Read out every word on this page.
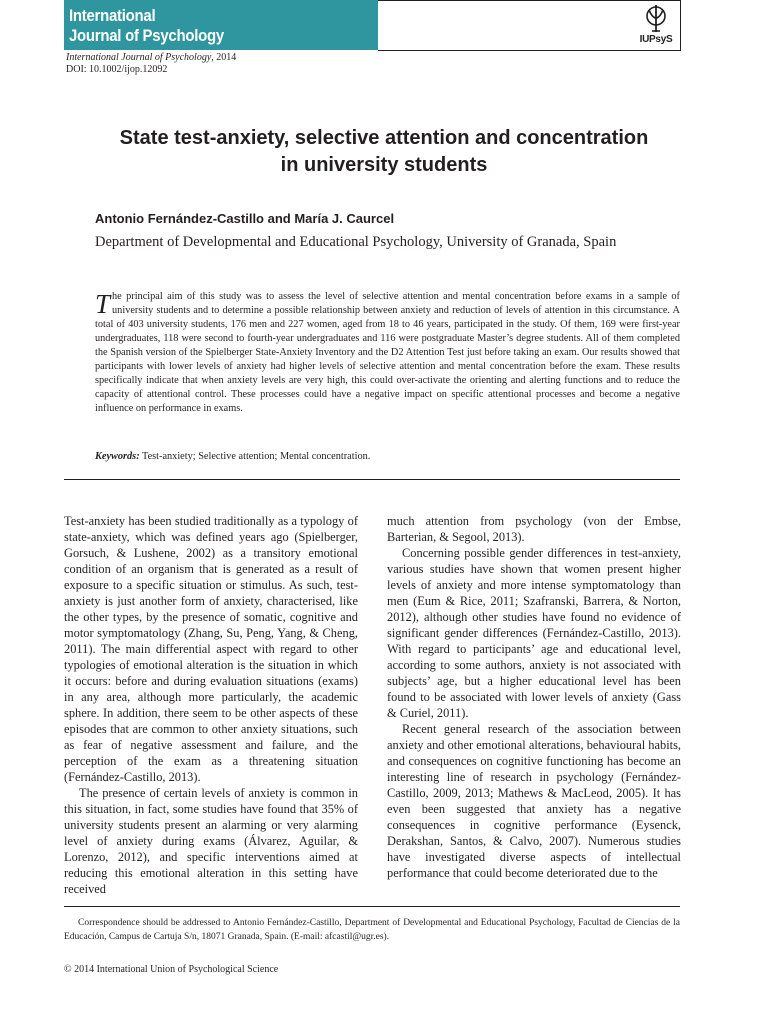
International
Journal of Psychology	IUPsyS
International Journal of Psychology, 2014
DOI: 10.1002/ijop.12092
State test-anxiety, selective attention and concentration
in university students
Antonio Fernández-Castillo and María J. Caurcel
Department of Developmental and Educational Psychology, University of Granada, Spain
The principal aim of this study was to assess the level of selective attention and mental concentration before exams in a sample of university students and to determine a possible relationship between anxiety and reduction of levels of attention in this circumstance. A total of 403 university students, 176 men and 227 women, aged from 18 to 46 years, participated in the study. Of them, 169 were first-year undergraduates, 118 were second to fourth-year undergraduates and 116 were postgraduate Master’s degree students. All of them completed the Spanish version of the Spielberger State-Anxiety Inventory and the D2 Attention Test just before taking an exam. Our results showed that participants with lower levels of anxiety had higher levels of selective attention and mental concentration before the exam. These results specifically indicate that when anxiety levels are very high, this could over-activate the orienting and alerting functions and to reduce the capacity of attentional control. These processes could have a negative impact on specific attentional processes and become a negative influence on performance in exams.
Keywords: Test-anxiety; Selective attention; Mental concentration.

Test-anxiety has been studied traditionally as a typology of state-anxiety, which was defined years ago (Spielberger, Gorsuch, & Lushene, 2002) as a transitory emotional condition of an organism that is generated as a result of exposure to a specific situation or stimulus. As such, test-anxiety is just another form of anxiety, characterised, like the other types, by the presence of somatic, cognitive and motor symptomatology (Zhang, Su, Peng, Yang, & Cheng, 2011). The main differential aspect with regard to other typologies of emotional alteration is the situation in which it occurs: before and during evaluation situations (exams) in any area, although more particularly, the academic sphere. In addition, there seem to be other aspects of these episodes that are common to other anxiety situations, such as fear of negative assessment and failure, and the perception of the exam as a threatening situation (Fernández-Castillo, 2013).

The presence of certain levels of anxiety is common in this situation, in fact, some studies have found that 35% of university students present an alarming or very alarming level of anxiety during exams (Álvarez, Aguilar, & Lorenzo, 2012), and specific interventions aimed at reducing this emotional alteration in this setting have received

much attention from psychology (von der Embse, Barterian, & Segool, 2013).

Concerning possible gender differences in test-anxiety, various studies have shown that women present higher levels of anxiety and more intense symptomatology than men (Eum & Rice, 2011; Szafranski, Barrera, & Norton, 2012), although other studies have found no evidence of significant gender differences (Fernández-Castillo, 2013). With regard to participants’ age and educational level, according to some authors, anxiety is not associated with subjects’ age, but a higher educational level has been found to be associated with lower levels of anxiety (Gass & Curiel, 2011).

Recent general research of the association between anxiety and other emotional alterations, behavioural habits, and consequences on cognitive functioning has become an interesting line of research in psychology (Fernández-Castillo, 2009, 2013; Mathews & MacLeod, 2005). It has even been suggested that anxiety has a negative consequences in cognitive performance (Eysenck, Derakshan, Santos, & Calvo, 2007). Numerous studies have investigated diverse aspects of intellectual performance that could become deteriorated due to the

Correspondence should be addressed to Antonio Fernández-Castillo, Department of Developmental and Educational Psychology, Facultad de Ciencias de la Educación, Campus de Cartuja S/n, 18071 Granada, Spain. (E-mail: afcastil@ugr.es).
© 2014 International Union of Psychological Science
